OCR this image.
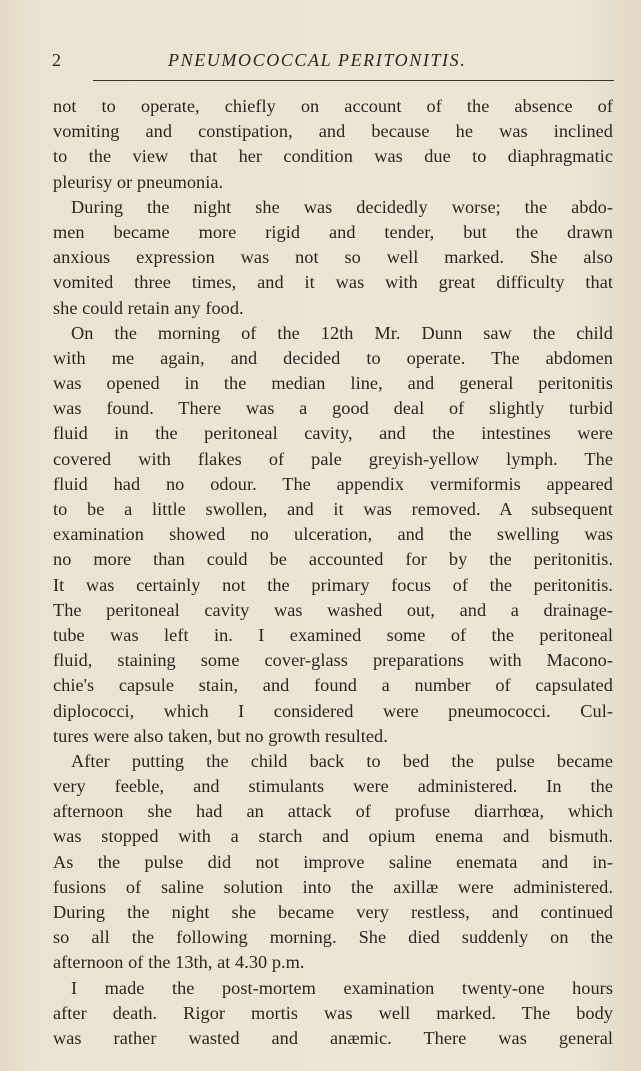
2	PNEUMOCOCCAL PERITONITIS.
not to operate, chiefly on account of the absence of
vomiting and constipation, and because he was inclined
to the view that her condition was due to diaphragmatic
pleurisy or pneumonia.
During the night she was decidedly worse; the abdo-
men became more rigid and tender, but the drawn
anxious expression was not so well marked. She also
vomited three times, and it was with great difficulty that
she could retain any food.
On the morning of the 12th Mr. Dunn saw the child
with me again, and decided to operate. The abdomen
was opened in the median line, and general peritonitis
was found. There was a good deal of slightly turbid
fluid in the peritoneal cavity, and the intestines were
covered with flakes of pale greyish-yellow lymph. The
fluid had no odour. The appendix vermiformis appeared
to be a little swollen, and it was removed. A subsequent
examination showed no ulceration, and the swelling was
no more than could be accounted for by the peritonitis.
It was certainly not the primary focus of the peritonitis.
The peritoneal cavity was washed out, and a drainage-
tube was left in. I examined some of the peritoneal
fluid, staining some cover-glass preparations with Macono-
chie's capsule stain, and found a number of capsulated
diplococci, which I considered were pneumococci. Cul-
tures were also taken, but no growth resulted.
After putting the child back to bed the pulse became
very feeble, and stimulants were administered. In the
afternoon she had an attack of profuse diarrhœa, which
was stopped with a starch and opium enema and bismuth.
As the pulse did not improve saline enemata and in-
fusions of saline solution into the axillæ were administered.
During the night she became very restless, and continued
so all the following morning. She died suddenly on the
afternoon of the 13th, at 4.30 p.m.
I made the post-mortem examination twenty-one hours
after death. Rigor mortis was well marked. The body
was rather wasted and anæmic. There was general
